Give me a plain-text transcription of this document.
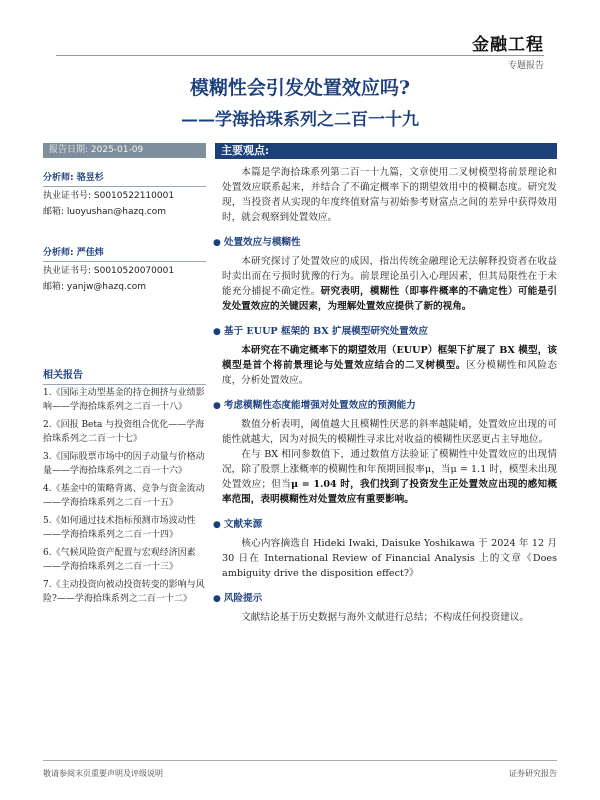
金融工程
专题报告
模糊性会引发处置效应吗?
——学海拾珠系列之二百一十九
报告日期: 2025-01-09
分析师: 骆昱杉
执业证书号: S0010522110001
邮箱: luoyushan@hazq.com
分析师: 严佳炜
执业证书号: S0010520070001
邮箱: yanjw@hazq.com
相关报告
1.《国际主动型基金的持仓拥挤与业绩影响——学海拾珠系列之二百一十八》
2.《回报 Beta 与投资组合优化——学海拾珠系列之二百一十七》
3.《国际股票市场中的因子动量与价格动量——学海拾珠系列之二百一十六》
4.《基金中的策略背离、竞争与资金流动——学海拾珠系列之二百一十五》
5.《如何通过技术指标预测市场波动性——学海拾珠系列之二百一十四》
6.《气候风险资产配置与宏观经济因素——学海拾珠系列之二百一十三》
7.《主动投资向被动投资转变的影响与风险?——学海拾珠系列之二百一十二》
主要观点:

本篇是学海拾珠系列第二百一十九篇，文章使用二叉树模型将前景理论和处置效应联系起来，并结合了不确定概率下的期望效用中的模糊态度。研究发现，当投资者从实现的年度终值财富与初始参考财富点之间的差异中获得效用时，就会观察到处置效应。

● 处置效应与模糊性

本研究探讨了处置效应的成因，指出传统金融理论无法解释投资者在收益时卖出而在亏损时犹豫的行为。前景理论虽引入心理因素，但其局限性在于未能充分捕捉不确定性。研究表明，模糊性（即事件概率的不确定性）可能是引发处置效应的关键因素，为理解处置效应提供了新的视角。

● 基于 EUUP 框架的 BX 扩展模型研究处置效应

本研究在不确定概率下的期望效用（EUUP）框架下扩展了 BX 模型，该模型是首个将前景理论与处置效应结合的二叉树模型。区分模糊性和风险态度，分析处置效应。

● 考虑模糊性态度能增强对处置效应的预测能力

数值分析表明，阈值越大且模糊性厌恶的斜率越陡峭，处置效应出现的可能性就越大，因为对损失的模糊性寻求比对收益的模糊性厌恶更占主导地位。

在与 BX 相同参数值下，通过数值方法验证了模糊性中处置效应的出现情况，除了股票上涨概率的模糊性和年预期回报率μ，当μ = 1.1 时，模型未出现处置效应；但当μ = 1.04 时，我们找到了投资发生正处置效应出现的感知概率范围，表明模糊性对处置效应有重要影响。

● 文献来源

核心内容摘选自 Hideki Iwaki, Daisuke Yoshikawa 于 2024 年 12 月 30 日在 International Review of Financial Analysis 上的文章《Does ambiguity drive the disposition effect?》

● 风险提示

文献结论基于历史数据与海外文献进行总结；不构成任何投资建议。

敬请参阅末页重要声明及评级说明	证券研究报告
